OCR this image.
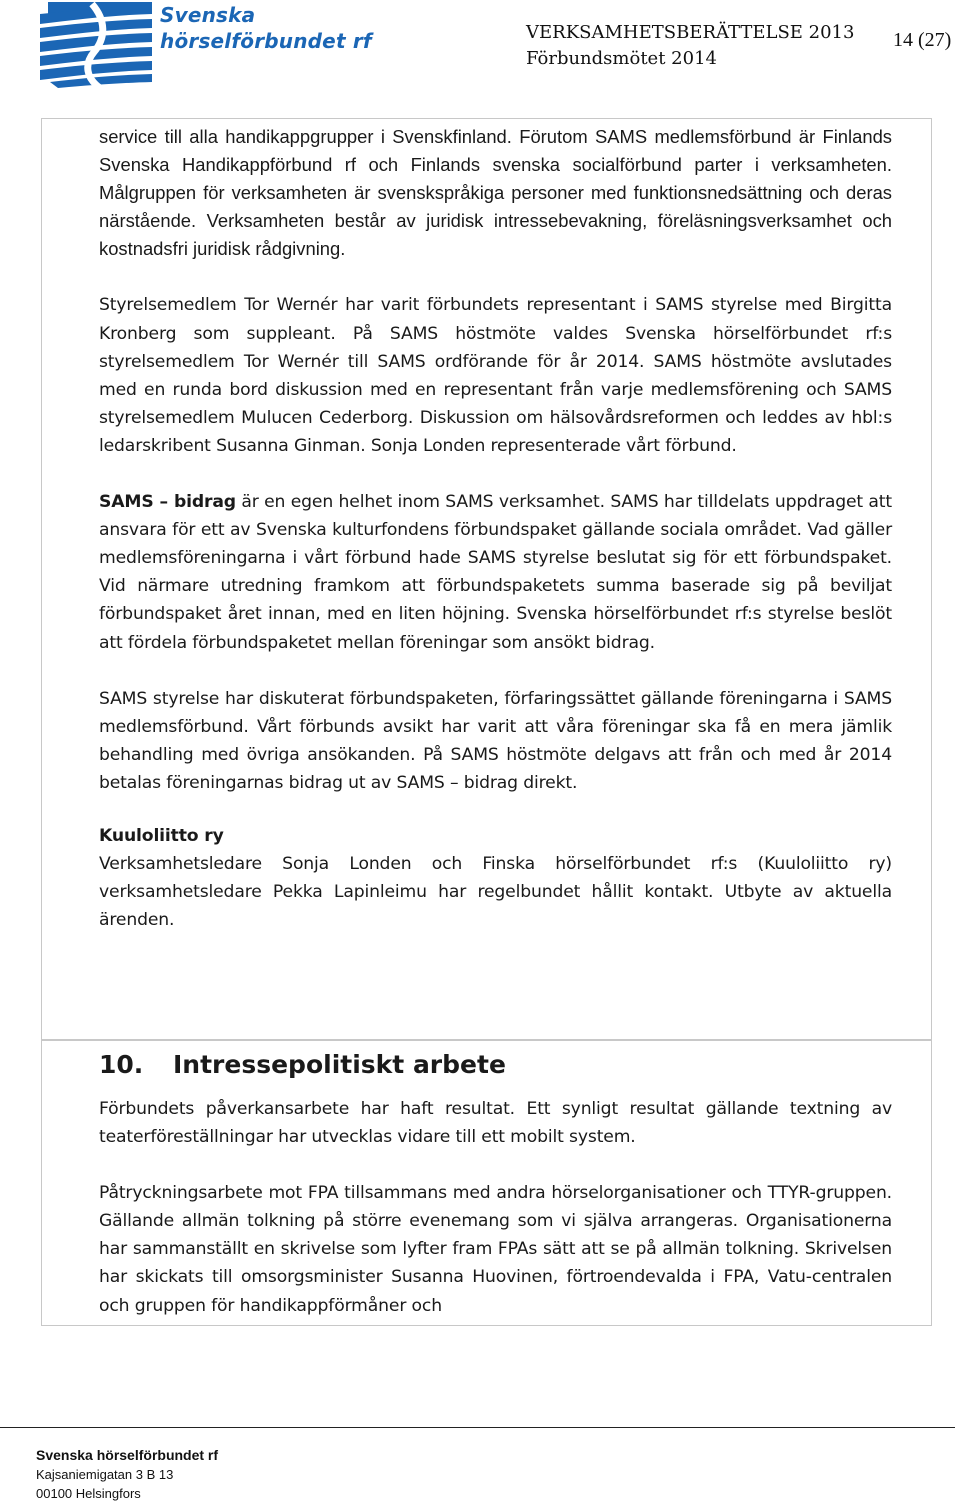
Svenska
hörselförbundet rf	VERKSAMHETSBERÄTTELSE 2013
Förbundsmötet 2014
14 (27)

service till alla handikappgrupper i Svenskfinland. Förutom SAMS medlemsförbund är Finlands Svenska Handikappförbund rf och Finlands svenska socialförbund parter i verksamheten. Målgruppen för verksamheten är svenskspråkiga personer med funktionsnedsättning och deras närstående. Verksamheten består av juridisk intressebevakning, föreläsningsverksamhet och kostnadsfri juridisk rådgivning.

Styrelsemedlem Tor Wernér har varit förbundets representant i SAMS styrelse med Birgitta Kronberg som suppleant. På SAMS höstmöte valdes Svenska hörselförbundet rf:s styrelsemedlem Tor Wernér till SAMS ordförande för år 2014. SAMS höstmöte avslutades med en runda bord diskussion med en representant från varje medlemsförening och SAMS styrelsemedlem Mulucen Cederborg. Diskussion om hälsovårdsreformen och leddes av hbl:s ledarskribent Susanna Ginman. Sonja Londen representerade vårt förbund.

SAMS – bidrag är en egen helhet inom SAMS verksamhet. SAMS har tilldelats uppdraget att ansvara för ett av Svenska kulturfondens förbundspaket gällande sociala området. Vad gäller medlemsföreningarna i vårt förbund hade SAMS styrelse beslutat sig för ett förbundspaket. Vid närmare utredning framkom att förbundspaketets summa baserade sig på beviljat förbundspaket året innan, med en liten höjning. Svenska hörselförbundet rf:s styrelse beslöt att fördela förbundspaketet mellan föreningar som ansökt bidrag.

SAMS styrelse har diskuterat förbundspaketen, förfaringssättet gällande föreningarna i SAMS medlemsförbund. Vårt förbunds avsikt har varit att våra föreningar ska få en mera jämlik behandling med övriga ansökanden. På SAMS höstmöte delgavs att från och med år 2014 betalas föreningarnas bidrag ut av SAMS – bidrag direkt.

Kuuloliitto ry

Verksamhetsledare Sonja Londen och Finska hörselförbundet rf:s (Kuuloliitto ry) verksamhetsledare Pekka Lapinleimu har regelbundet hållit kontakt. Utbyte av aktuella ärenden.

10. Intressepolitiskt arbete

Förbundets påverkansarbete har haft resultat. Ett synligt resultat gällande textning av teaterföreställningar har utvecklas vidare till ett mobilt system.

Påtryckningsarbete mot FPA tillsammans med andra hörselorganisationer och TTYR-gruppen. Gällande allmän tolkning på större evenemang som vi själva arrangeras. Organisationerna har sammanställt en skrivelse som lyfter fram FPAs sätt att se på allmän tolkning. Skrivelsen har skickats till omsorgsminister Susanna Huovinen, förtroendevalda i FPA, Vatu-centralen och gruppen för handikappförmåner och

Svenska hörselförbundet rf
Kajsaniemigatan 3 B 13
00100 Helsingfors
